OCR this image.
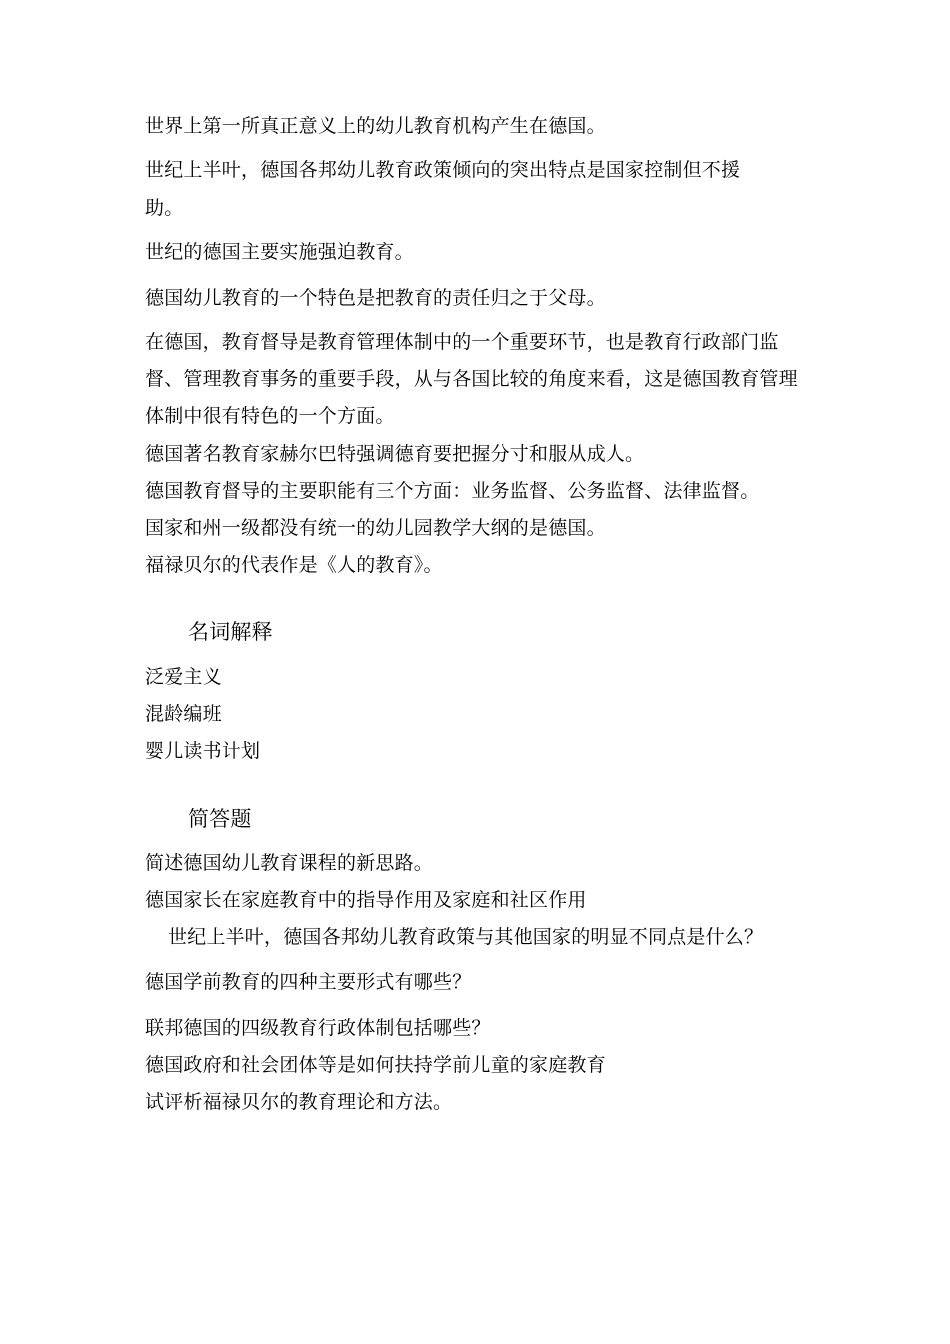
世界上第一所真正意义上的幼儿教育机构产生在德国。
世纪上半叶，德国各邦幼儿教育政策倾向的突出特点是国家控制但不援
助。
世纪的德国主要实施强迫教育。
德国幼儿教育的一个特色是把教育的责任归之于父母。
在德国，教育督导是教育管理体制中的一个重要环节，也是教育行政部门监
督、管理教育事务的重要手段，从与各国比较的角度来看，这是德国教育管理
体制中很有特色的一个方面。
德国著名教育家赫尔巴特强调德育要把握分寸和服从成人。
德国教育督导的主要职能有三个方面：业务监督、公务监督、法律监督。
国家和州一级都没有统一的幼儿园教学大纲的是德国。
福禄贝尔的代表作是《人的教育》。
名词解释
泛爱主义
混龄编班
婴儿读书计划
简答题
简述德国幼儿教育课程的新思路。
德国家长在家庭教育中的指导作用及家庭和社区作用
世纪上半叶，德国各邦幼儿教育政策与其他国家的明显不同点是什么？
德国学前教育的四种主要形式有哪些？
联邦德国的四级教育行政体制包括哪些？
德国政府和社会团体等是如何扶持学前儿童的家庭教育
试评析福禄贝尔的教育理论和方法。
